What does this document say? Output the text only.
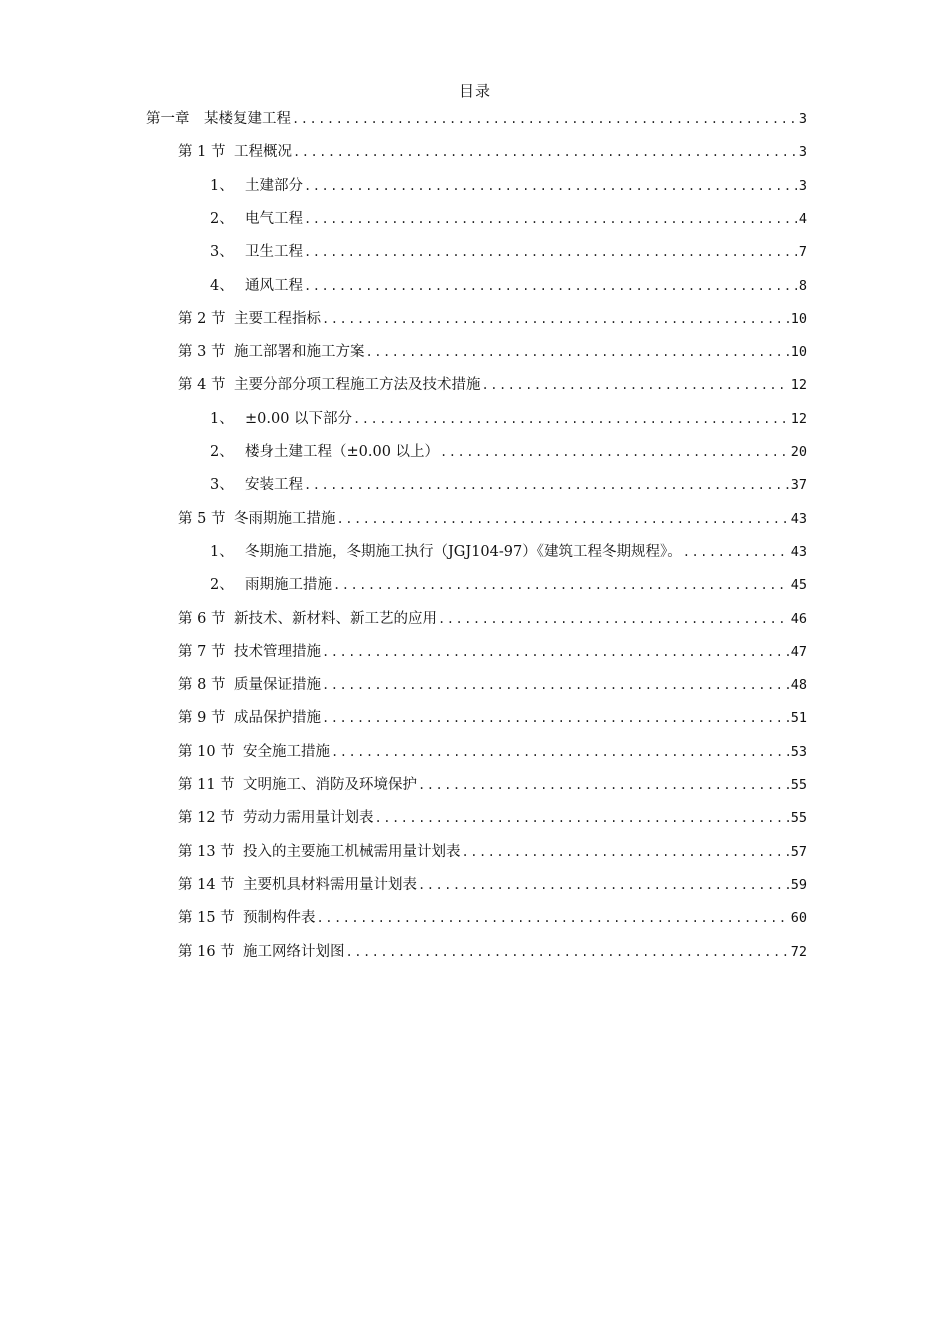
目录
第一章	某楼复建工程 .....	3
第 1 节 工程概况 .....	3
1、 土建部分 .....	3
2、 电气工程 .....	4
3、 卫生工程 .....	7
4、 通风工程 .....	8
第 2 节 主要工程指标 .....	10
第 3 节 施工部署和施工方案 .....	10
第 4 节 主要分部分项工程施工方法及技术措施 .....	12
1、 ±0.00 以下部分 .....	12
2、 楼身土建工程（±0.00 以上） .....	20
3、 安装工程 .....	37
第 5 节 冬雨期施工措施 .....	43
1、 冬期施工措施，冬期施工执行（JGJ104-97）《建筑工程冬期规程》。 .....	43
2、 雨期施工措施 .....	45
第 6 节 新技术、新材料、新工艺的应用 .....	46
第 7 节 技术管理措施 .....	47
第 8 节 质量保证措施 .....	48
第 9 节 成品保护措施 .....	51
第 10 节 安全施工措施 .....	53
第 11 节 文明施工、消防及环境保护 .....	55
第 12 节 劳动力需用量计划表 .....	55
第 13 节 投入的主要施工机械需用量计划表 .....	57
第 14 节 主要机具材料需用量计划表 .....	59
第 15 节 预制构件表 .....	60
第 16 节 施工网络计划图 .....	72
